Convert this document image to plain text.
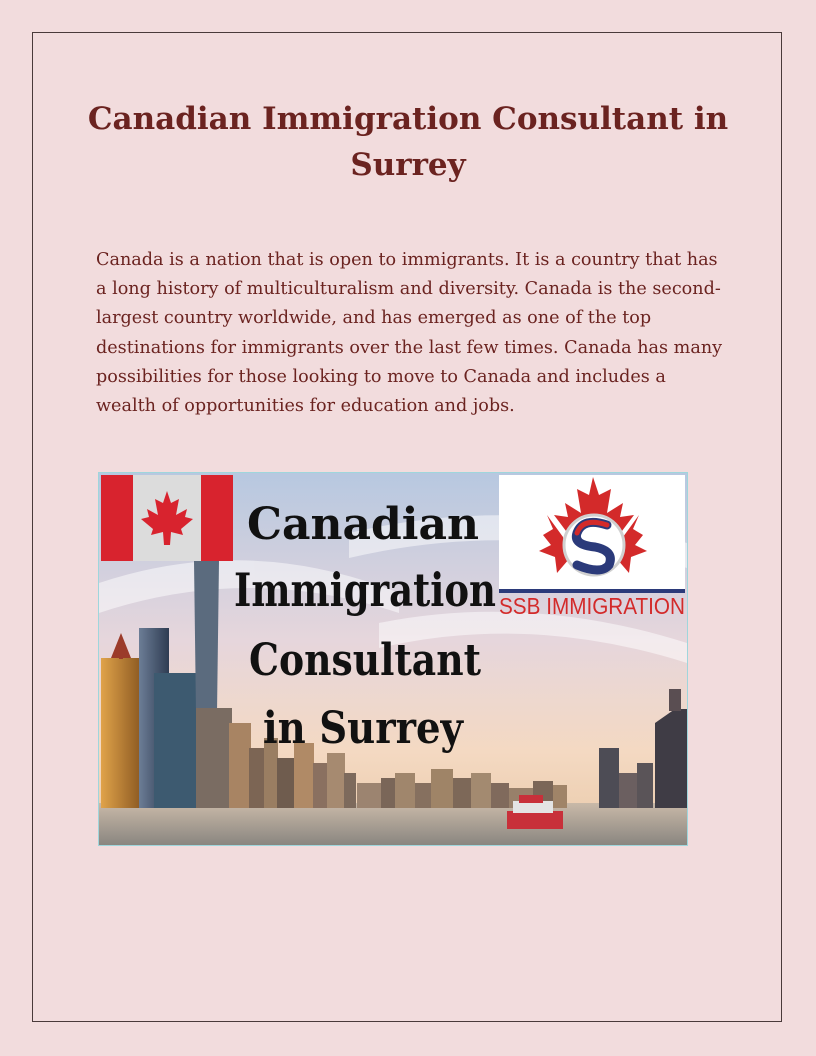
Canadian Immigration Consultant in Surrey

Canada is a nation that is open to immigrants. It is a country that has a long history of multiculturalism and diversity. Canada is the second-largest country worldwide, and has emerged as one of the top destinations for immigrants over the last few times. Canada has many possibilities for those looking to move to Canada and includes a wealth of opportunities for education and jobs.

SSB IMMIGRATION
Canadian
Immigration
Consultant
in Surrey
